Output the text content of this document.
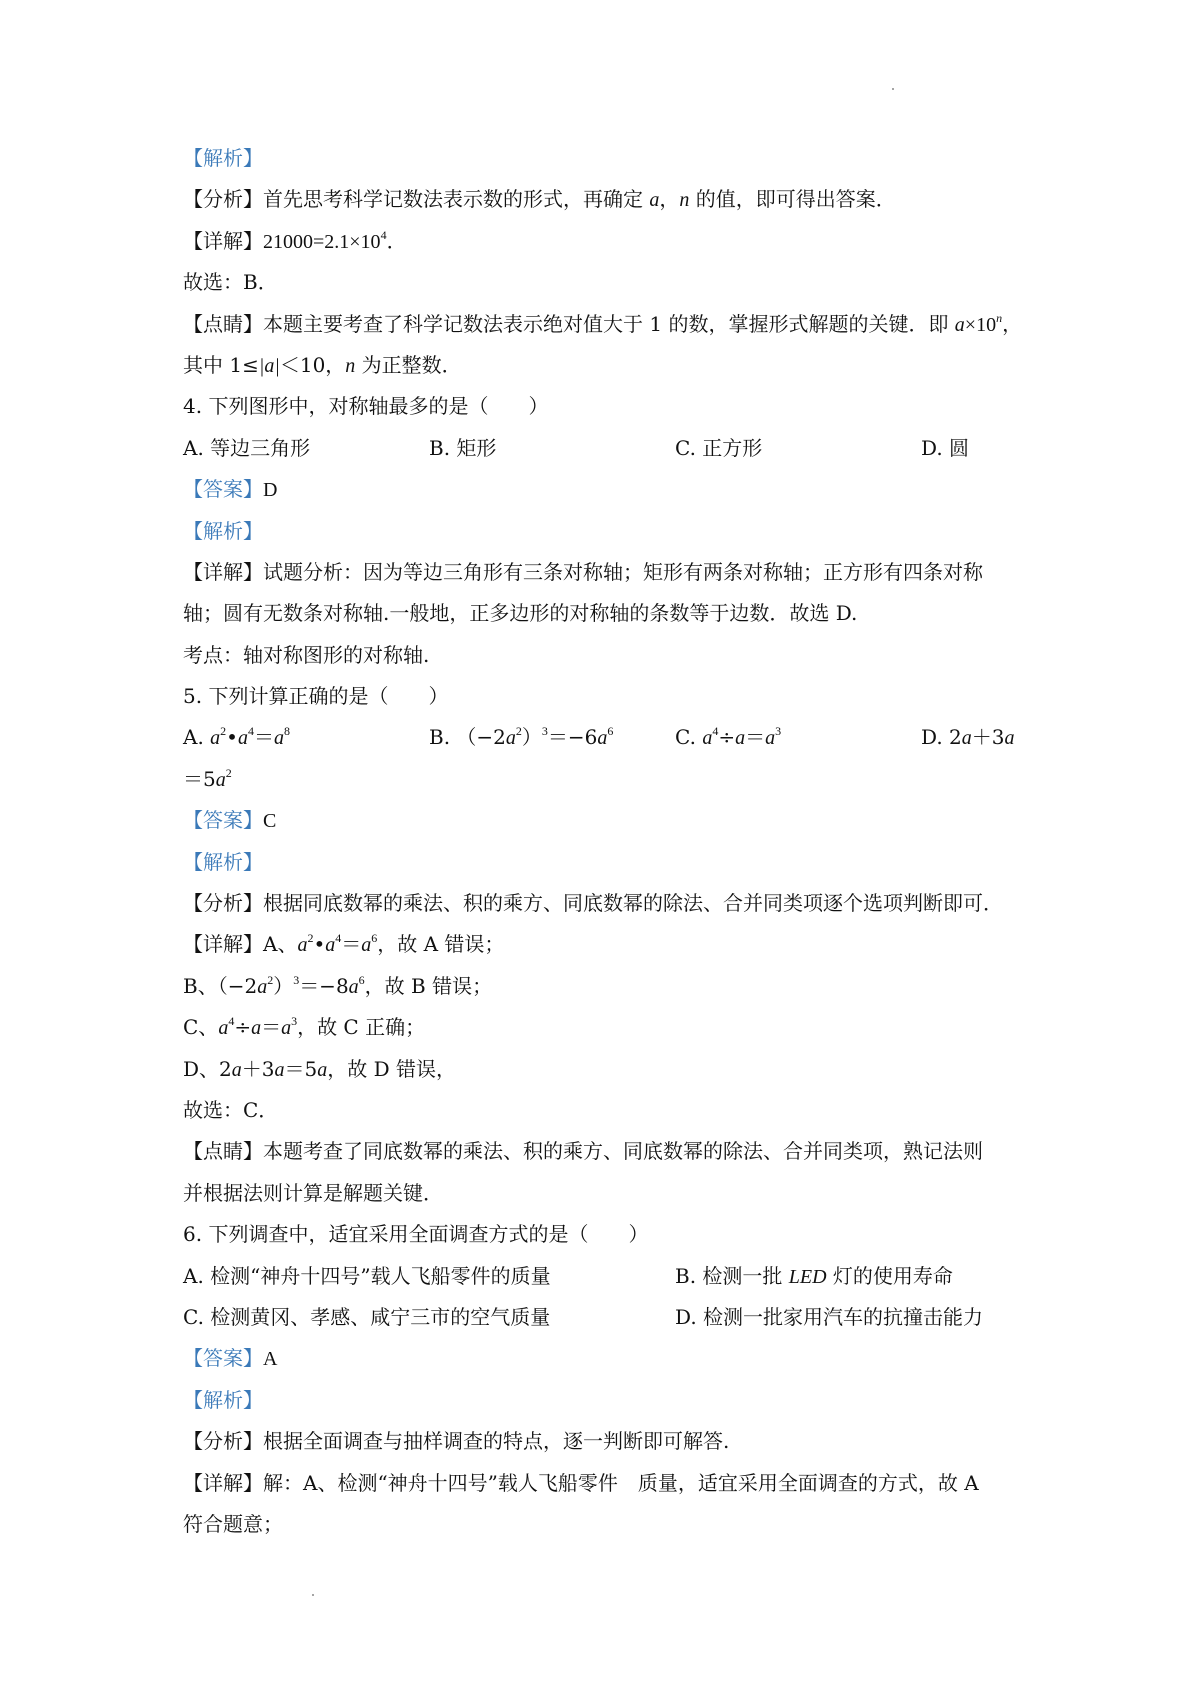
【解析】
【分析】首先思考科学记数法表示数的形式，再确定 a，n 的值，即可得出答案．
【详解】$21000=2.1\times 10^4$．
故选：B．
【点睛】本题主要考查了科学记数法表示绝对值大于 1 的数，掌握形式解题的关键．即 $a\times 10^n$，
其中 1≤|a|＜10，n 为正整数．
4. 下列图形中，对称轴最多的是（　　）
A. 等边三角形	B. 矩形	C. 正方形	D. 圆
【答案】D
【解析】
【详解】试题分析：因为等边三角形有三条对称轴；矩形有两条对称轴；正方形有四条对称
轴；圆有无数条对称轴.一般地，正多边形的对称轴的条数等于边数．故选 D.
考点：轴对称图形的对称轴.
5. 下列计算正确的是（　　）
A. $a^2•a^4=a^8$	B. $(-2a^2)^3=-6a^6$	C. $a^4\div a=a^3$	D. 2a＋3a
$=5a^2$
【答案】C
【解析】
【分析】根据同底数幂的乘法、积的乘方、同底数幂的除法、合并同类项逐个选项判断即可．
【详解】A、$a^2•a^4=a^6$，故 A 错误；
B、$(-2a^2)^3=-8a^6$，故 B 错误；
C、$a^4\div a=a^3$，故 C 正确；
D、2a＋3a＝5a，故 D 错误，
故选：C．
【点睛】本题考查了同底数幂的乘法、积的乘方、同底数幂的除法、合并同类项，熟记法则
并根据法则计算是解题关键．
6. 下列调查中，适宜采用全面调查方式的是（　　）
A. 检测“神舟十四号”载人飞船零件的质量	B. 检测一批 LED 灯的使用寿命
C. 检测黄冈、孝感、咸宁三市的空气质量	D. 检测一批家用汽车的抗撞击能力
【答案】A
【解析】
【分析】根据全面调查与抽样调查的特点，逐一判断即可解答.
【详解】解：A、检测“神舟十四号”载人飞船零件　质量，适宜采用全面调查的方式，故 A
符合题意；
